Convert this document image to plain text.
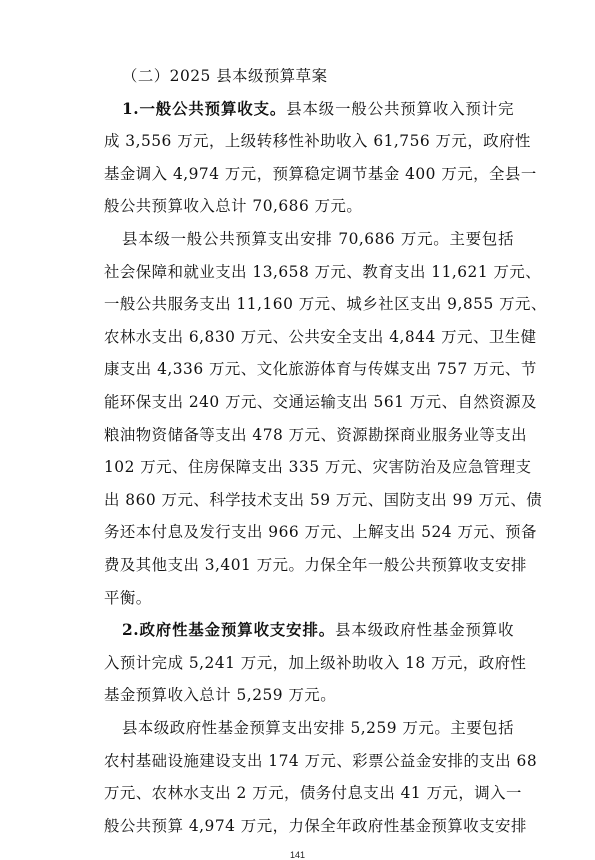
（二）2025 县本级预算草案
1.一般公共预算收支。县本级一般公共预算收入预计完
成 3,556 万元，上级转移性补助收入 61,756 万元，政府性
基金调入 4,974 万元，预算稳定调节基金 400 万元，全县一
般公共预算收入总计 70,686 万元。
县本级一般公共预算支出安排 70,686 万元。主要包括
社会保障和就业支出 13,658 万元、教育支出 11,621 万元、
一般公共服务支出 11,160 万元、城乡社区支出 9,855 万元、
农林水支出 6,830 万元、公共安全支出 4,844 万元、卫生健
康支出 4,336 万元、文化旅游体育与传媒支出 757 万元、节
能环保支出 240 万元、交通运输支出 561 万元、自然资源及
粮油物资储备等支出 478 万元、资源勘探商业服务业等支出
102 万元、住房保障支出 335 万元、灾害防治及应急管理支
出 860 万元、科学技术支出 59 万元、国防支出 99 万元、债
务还本付息及发行支出 966 万元、上解支出 524 万元、预备
费及其他支出 3,401 万元。力保全年一般公共预算收支安排
平衡。
2.政府性基金预算收支安排。县本级政府性基金预算收
入预计完成 5,241 万元，加上级补助收入 18 万元，政府性
基金预算收入总计 5,259 万元。
县本级政府性基金预算支出安排 5,259 万元。主要包括
农村基础设施建设支出 174 万元、彩票公益金安排的支出 68
万元、农林水支出 2 万元，债务付息支出 41 万元，调入一
般公共预算 4,974 万元，力保全年政府性基金预算收支安排
141
